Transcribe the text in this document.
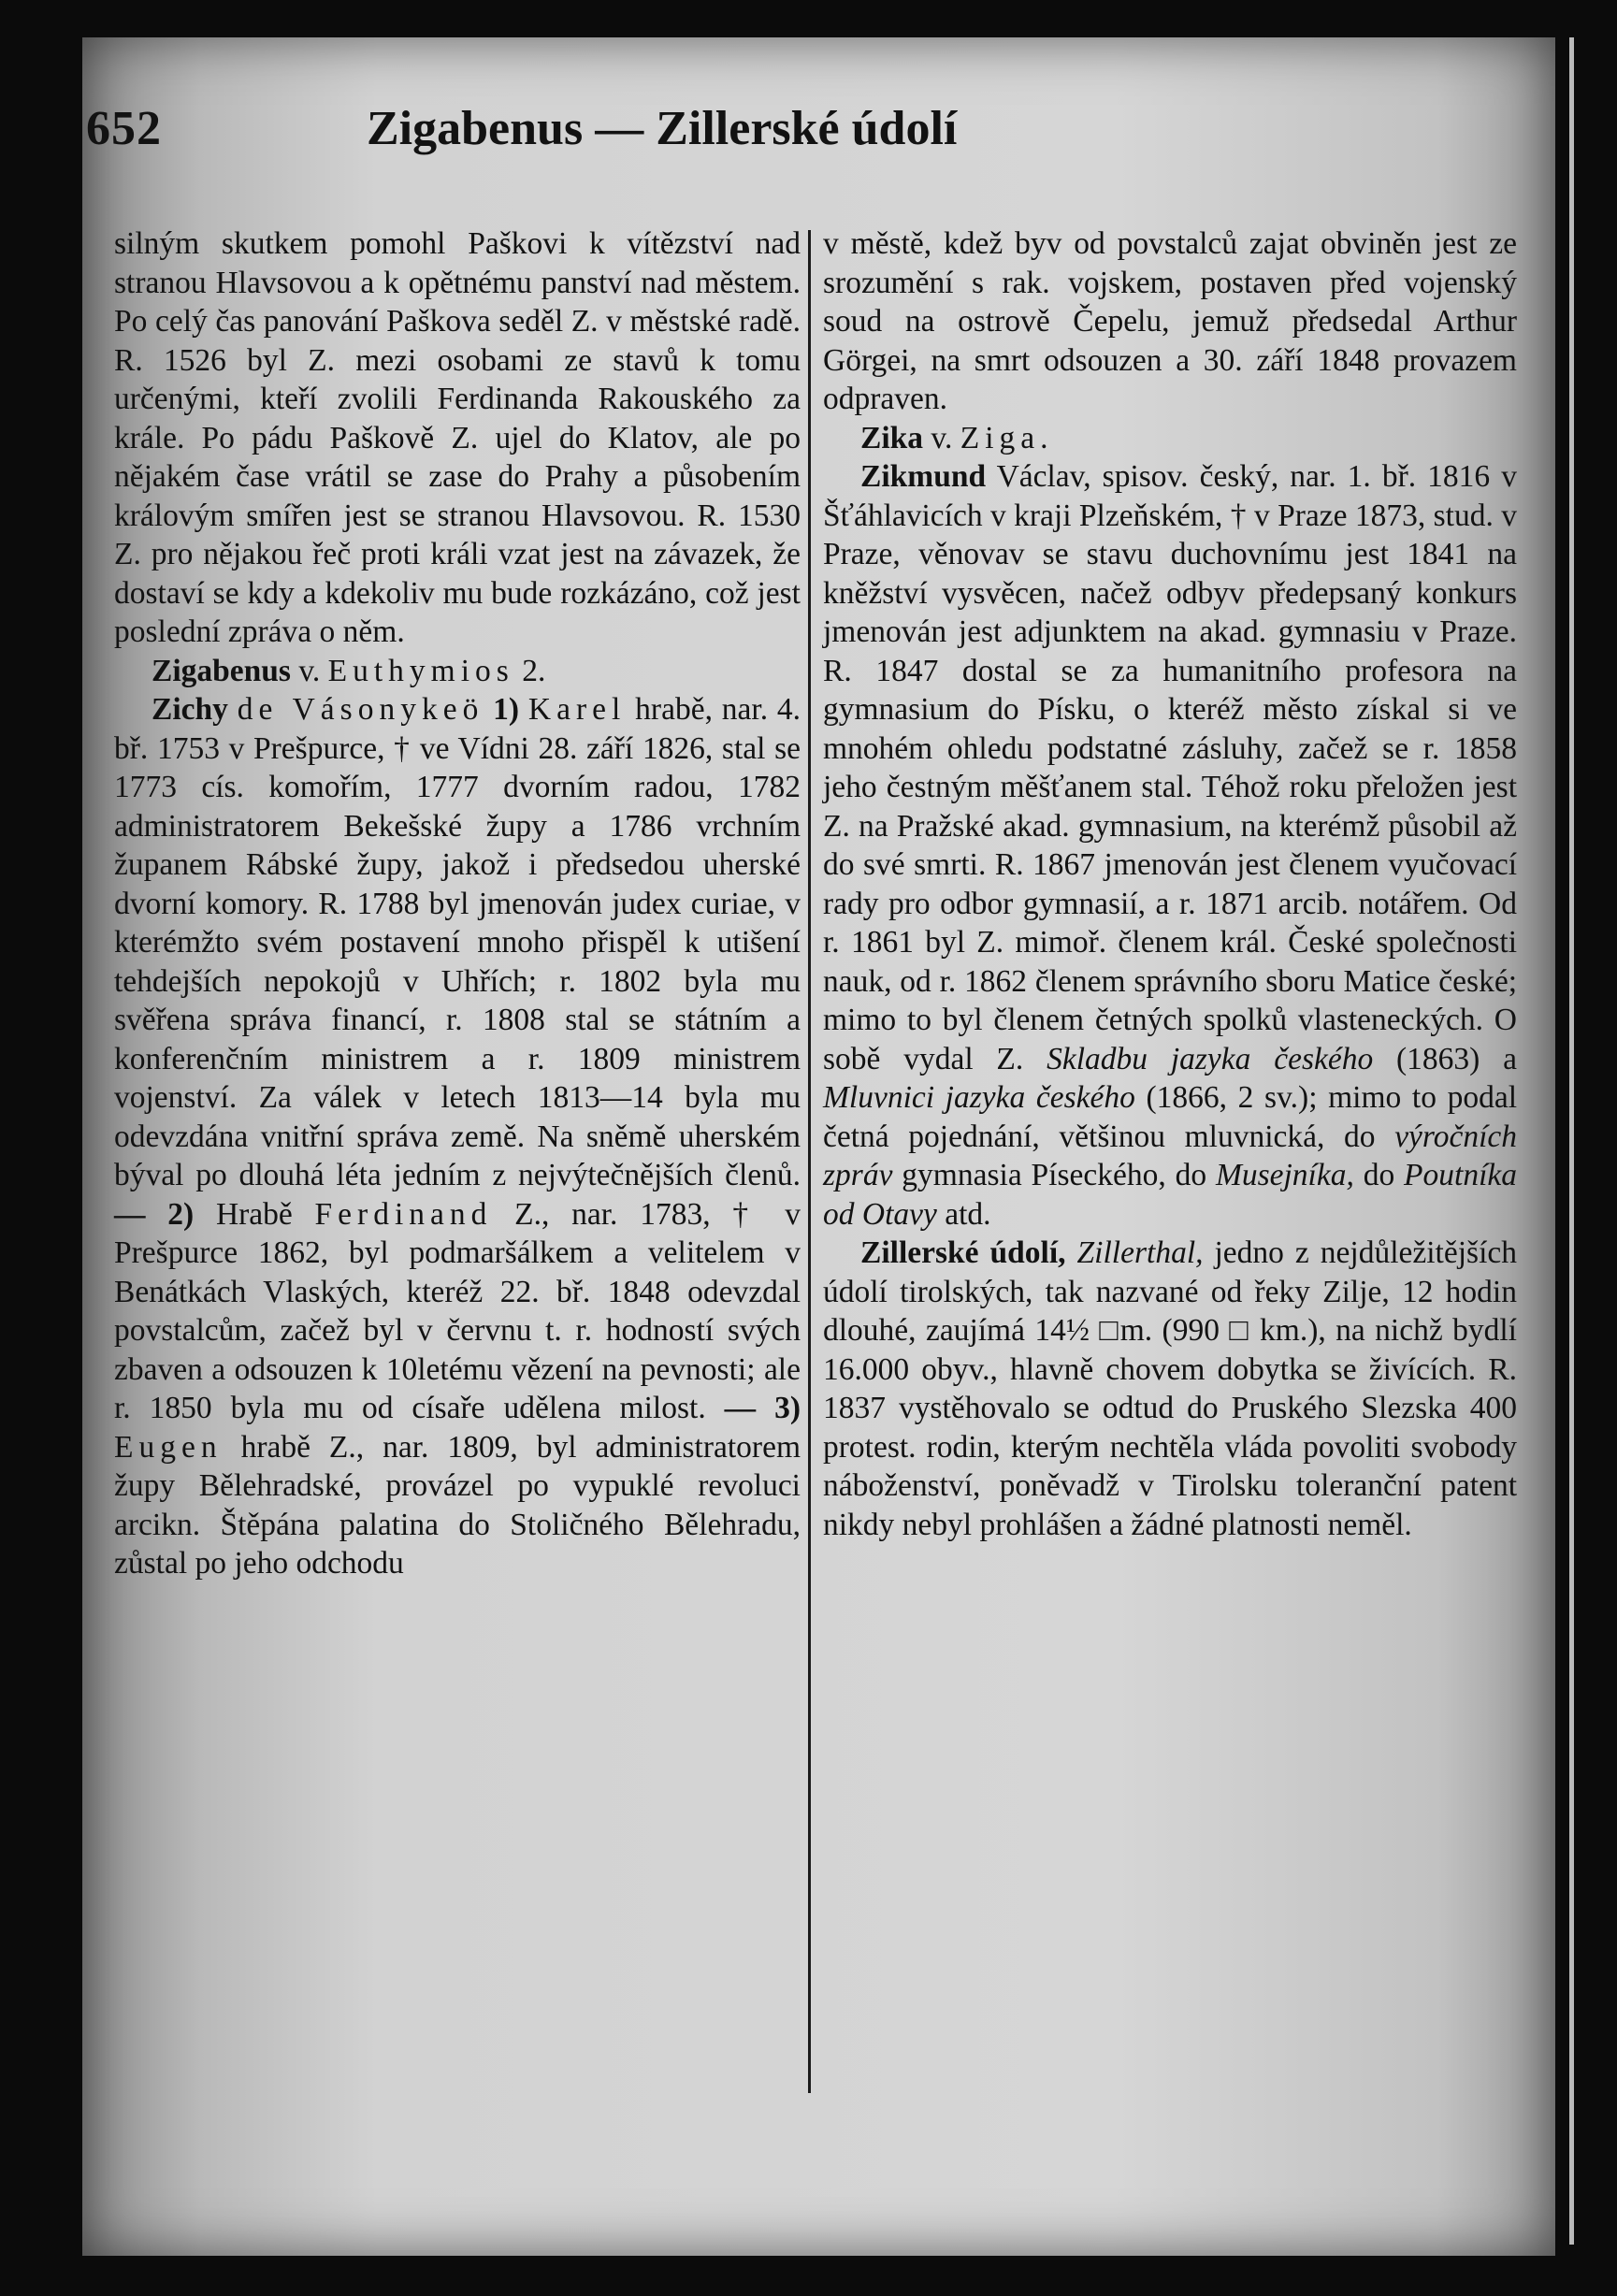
652	Zigabenus — Zillerské údolí

silným skutkem pomohl Paškovi k vítězství nad stranou Hlavsovou a k opětnému panství nad městem. Po celý čas panování Paškova seděl Z. v městské radě. R. 1526 byl Z. mezi osobami ze stavů k tomu určenými, kteří zvolili Ferdinanda Rakouského za krále. Po pádu Paškově Z. ujel do Klatov, ale po nějakém čase vrátil se zase do Prahy a působením královým smířen jest se stranou Hlavsovou. R. 1530 Z. pro nějakou řeč proti králi vzat jest na závazek, že dostaví se kdy a kdekoliv mu bude rozkázáno, což jest poslední zpráva o něm.

Zigabenus v. Euthymios 2.

Zichy de Vásonykeö 1) Karel hrabě, nar. 4. bř. 1753 v Prešpurce, † ve Vídni 28. září 1826, stal se 1773 cís. komořím, 1777 dvorním radou, 1782 administratorem Bekešské župy a 1786 vrchním županem Rábské župy, jakož i předsedou uherské dvorní komory. R. 1788 byl jmenován judex curiae, v kterémžto svém postavení mnoho přispěl k utišení tehdejších nepokojů v Uhřích; r. 1802 byla mu svěřena správa financí, r. 1808 stal se státním a konferenčním ministrem a r. 1809 ministrem vojenství. Za válek v letech 1813—14 byla mu odevzdána vnitřní správa země. Na sněmě uherském býval po dlouhá léta jedním z nejvýtečnějších členů. — 2) Hrabě Ferdinand Z., nar. 1783, † v Prešpurce 1862, byl podmaršálkem a velitelem v Benátkách Vlaských, kteréž 22. bř. 1848 odevzdal povstalcům, začež byl v červnu t. r. hodností svých zbaven a odsouzen k 10letému vězení na pevnosti; ale r. 1850 byla mu od císaře udělena milost. — 3) Eugen hrabě Z., nar. 1809, byl administratorem župy Bělehradské, provázel po vypuklé revoluci arcikn. Štěpána palatina do Stoličného Bělehradu, zůstal po jeho odchodu

v městě, kdež byv od povstalců zajat obviněn jest ze srozumění s rak. vojskem, postaven před vojenský soud na ostrově Čepelu, jemuž předsedal Arthur Görgei, na smrt odsouzen a 30. září 1848 provazem odpraven.

Zika v. Ziga.

Zikmund Václav, spisov. český, nar. 1. bř. 1816 v Šťáhlavicích v kraji Plzeňském, † v Praze 1873, stud. v Praze, věnovav se stavu duchovnímu jest 1841 na kněžství vysvěcen, načež odbyv předepsaný konkurs jmenován jest adjunktem na akad. gymnasiu v Praze. R. 1847 dostal se za humanitního profesora na gymnasium do Písku, o kteréž město získal si ve mnohém ohledu podstatné zásluhy, začež se r. 1858 jeho čestným měšťanem stal. Téhož roku přeložen jest Z. na Pražské akad. gymnasium, na kterémž působil až do své smrti. R. 1867 jmenován jest členem vyučovací rady pro odbor gymnasií, a r. 1871 arcib. notářem. Od r. 1861 byl Z. mimoř. členem král. České společnosti nauk, od r. 1862 členem správního sboru Matice české; mimo to byl členem četných spolků vlasteneckých. O sobě vydal Z. Skladbu jazyka českého (1863) a Mluvnici jazyka českého (1866, 2 sv.); mimo to podal četná pojednání, většinou mluvnická, do výročních zpráv gymnasia Píseckého, do Musejníka, do Poutníka od Otavy atd.

Zillerské údolí, Zillerthal, jedno z nejdůležitějších údolí tirolských, tak nazvané od řeky Zilje, 12 hodin dlouhé, zaujímá 14½ □m. (990 □ km.), na nichž bydlí 16.000 obyv., hlavně chovem dobytka se živících. R. 1837 vystěhovalo se odtud do Pruského Slezska 400 protest. rodin, kterým nechtěla vláda povoliti svobody náboženství, poněvadž v Tirolsku toleranční patent nikdy nebyl prohlášen a žádné platnosti neměl.
